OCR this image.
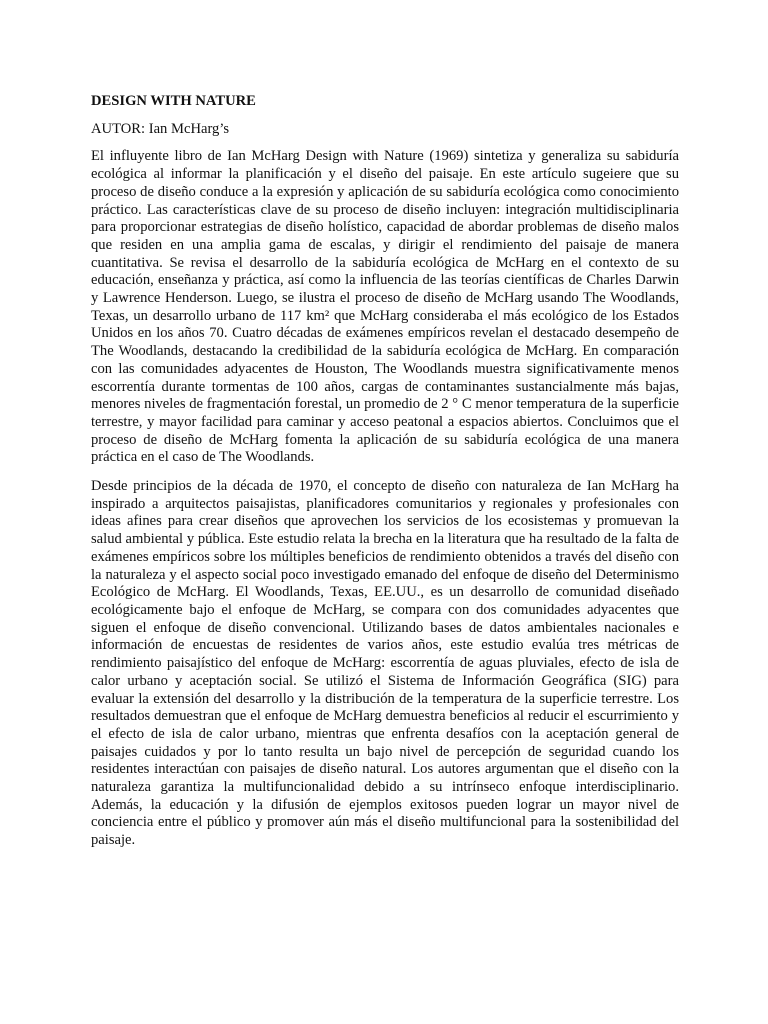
DESIGN WITH NATURE
AUTOR: Ian McHarg’s

El influyente libro de Ian McHarg Design with Nature (1969) sintetiza y generaliza su sabiduría ecológica al informar la planificación y el diseño del paisaje. En este artículo sugeiere que su proceso de diseño conduce a la expresión y aplicación de su sabiduría ecológica como conocimiento práctico. Las características clave de su proceso de diseño incluyen: integración multidisciplinaria para proporcionar estrategias de diseño holístico, capacidad de abordar problemas de diseño malos que residen en una amplia gama de escalas, y dirigir el rendimiento del paisaje de manera cuantitativa. Se revisa el desarrollo de la sabiduría ecológica de McHarg en el contexto de su educación, enseñanza y práctica, así como la influencia de las teorías científicas de Charles Darwin y Lawrence Henderson. Luego, se ilustra el proceso de diseño de McHarg usando The Woodlands, Texas, un desarrollo urbano de 117 km² que McHarg consideraba el más ecológico de los Estados Unidos en los años 70. Cuatro décadas de exámenes empíricos revelan el destacado desempeño de The Woodlands, destacando la credibilidad de la sabiduría ecológica de McHarg. En comparación con las comunidades adyacentes de Houston, The Woodlands muestra significativamente menos escorrentía durante tormentas de 100 años, cargas de contaminantes sustancialmente más bajas, menores niveles de fragmentación forestal, un promedio de 2 ° C menor temperatura de la superficie terrestre, y mayor facilidad para caminar y acceso peatonal a espacios abiertos. Concluimos que el proceso de diseño de McHarg fomenta la aplicación de su sabiduría ecológica de una manera práctica en el caso de The Woodlands.

Desde principios de la década de 1970, el concepto de diseño con naturaleza de Ian McHarg ha inspirado a arquitectos paisajistas, planificadores comunitarios y regionales y profesionales con ideas afines para crear diseños que aprovechen los servicios de los ecosistemas y promuevan la salud ambiental y pública. Este estudio relata la brecha en la literatura que ha resultado de la falta de exámenes empíricos sobre los múltiples beneficios de rendimiento obtenidos a través del diseño con la naturaleza y el aspecto social poco investigado emanado del enfoque de diseño del Determinismo Ecológico de McHarg. El Woodlands, Texas, EE.UU., es un desarrollo de comunidad diseñado ecológicamente bajo el enfoque de McHarg, se compara con dos comunidades adyacentes que siguen el enfoque de diseño convencional. Utilizando bases de datos ambientales nacionales e información de encuestas de residentes de varios años, este estudio evalúa tres métricas de rendimiento paisajístico del enfoque de McHarg: escorrentía de aguas pluviales, efecto de isla de calor urbano y aceptación social. Se utilizó el Sistema de Información Geográfica (SIG) para evaluar la extensión del desarrollo y la distribución de la temperatura de la superficie terrestre. Los resultados demuestran que el enfoque de McHarg demuestra beneficios al reducir el escurrimiento y el efecto de isla de calor urbano, mientras que enfrenta desafíos con la aceptación general de paisajes cuidados y por lo tanto resulta un bajo nivel de percepción de seguridad cuando los residentes interactúan con paisajes de diseño natural. Los autores argumentan que el diseño con la naturaleza garantiza la multifuncionalidad debido a su intrínseco enfoque interdisciplinario. Además, la educación y la difusión de ejemplos exitosos pueden lograr un mayor nivel de conciencia entre el público y promover aún más el diseño multifuncional para la sostenibilidad del paisaje.
